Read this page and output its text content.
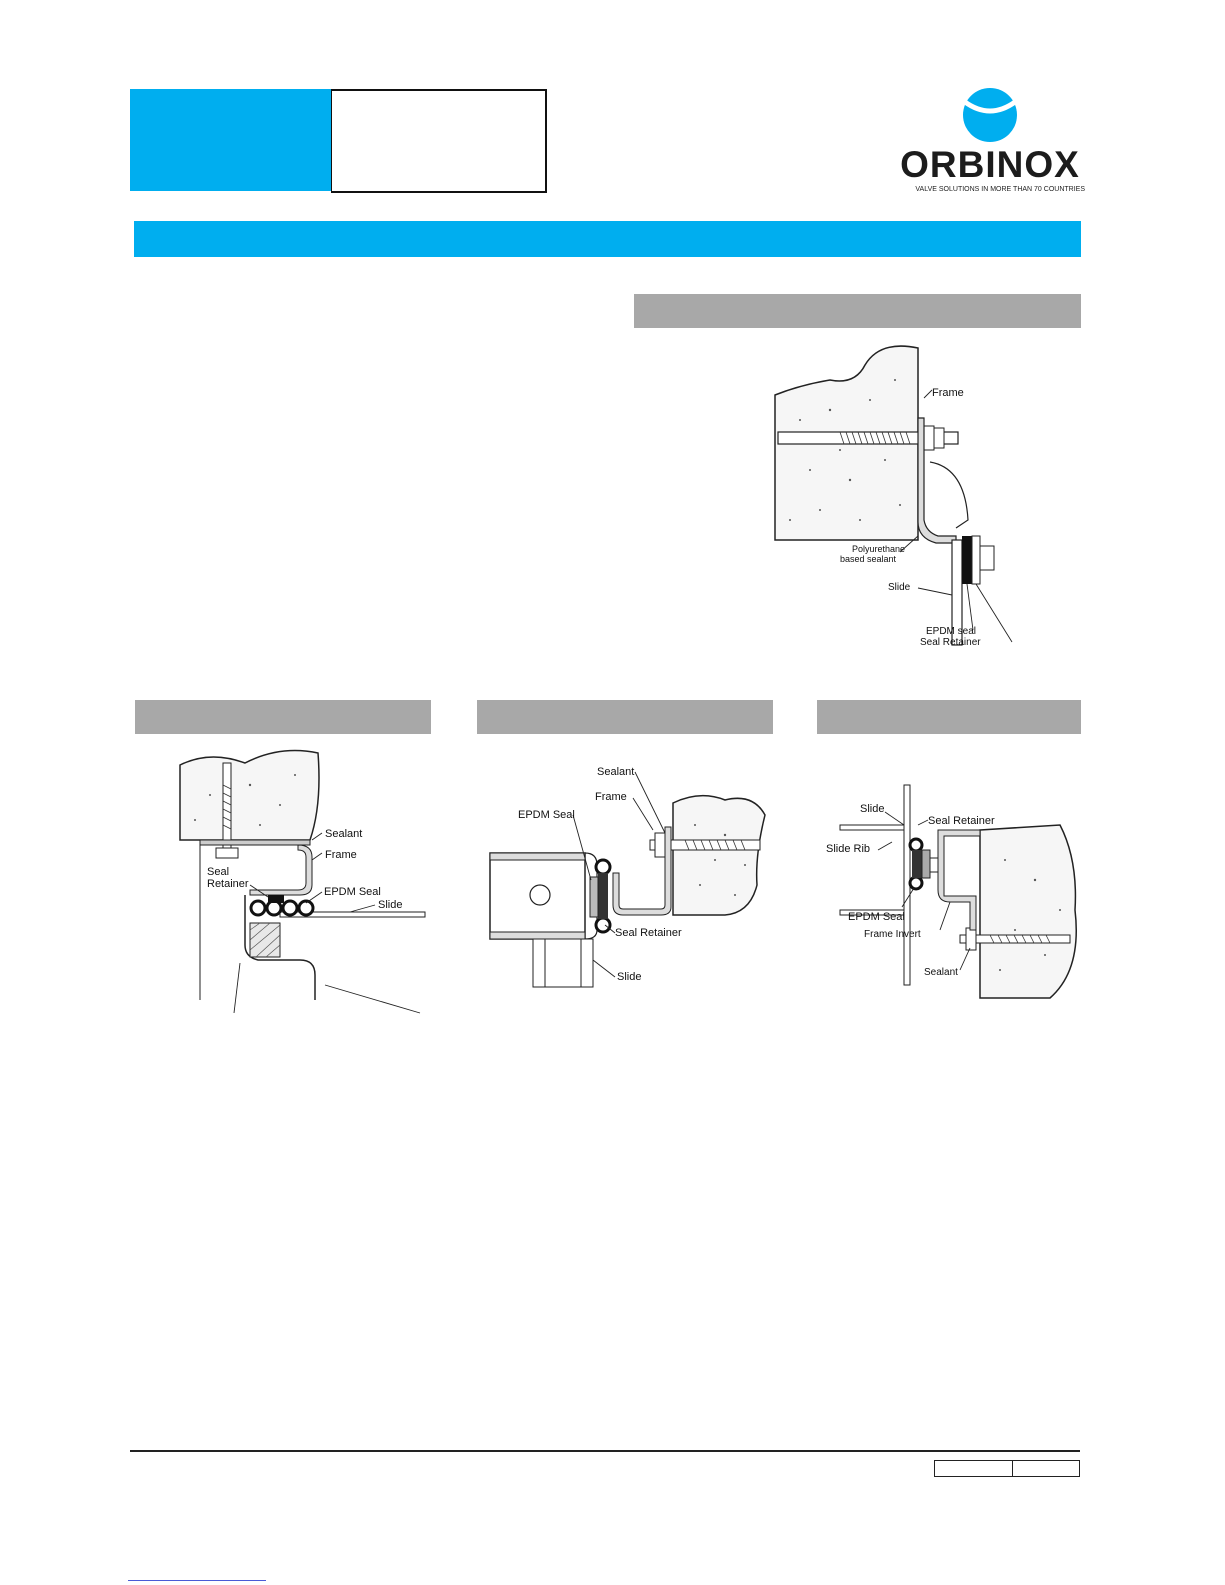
ORBINOX
VALVE SOLUTIONS IN MORE THAN 70 COUNTRIES
Frame
Polyurethane
based sealant
Slide
EPDM seal
Seal Retainer
Sealant
Frame
Seal
Retainer
EPDM Seal
Slide
Sealant
Frame
EPDM Seal
Seal Retainer
Slide
Slide
Seal Retainer
Slide Rib
EPDM Seal
Frame Invert
Sealant
